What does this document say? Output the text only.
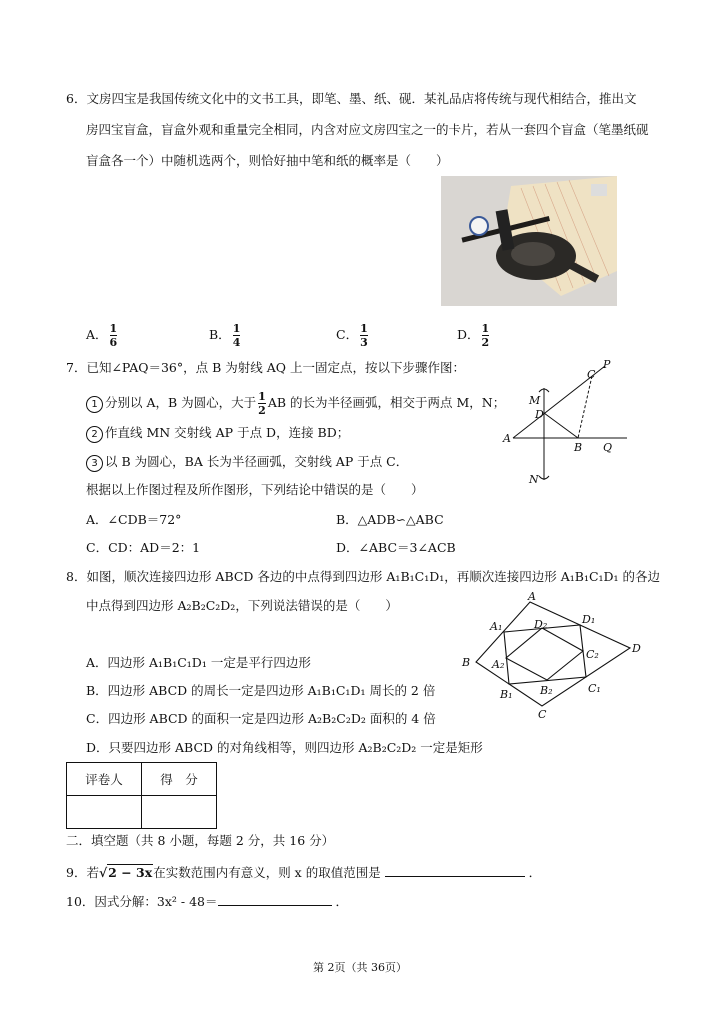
6．文房四宝是我国传统文化中的文书工具，即笔、墨、纸、砚．某礼品店将传统与现代相结合，推出文
房四宝盲盒，盲盒外观和重量完全相同，内含对应文房四宝之一的卡片，若从一套四个盲盒（笔墨纸砚
盲盒各一个）中随机选两个，则恰好抽中笔和纸的概率是（　　）
A． $\frac{1}{6}$	B． $\frac{1}{4}$	C． $\frac{1}{3}$	D． $\frac{1}{2}$
7．已知∠PAQ＝36°，点 B 为射线 AQ 上一固定点，按以下步骤作图：
1 分别以 A，B 为圆心，大于 $\frac{1}{2}$ AB 的长为半径画弧，相交于两点 M，N；
2 作直线 MN 交射线 AP 于点 D，连接 BD；
3 以 B 为圆心，BA 长为半径画弧，交射线 AP 于点 C．
根据以上作图过程及所作图形，下列结论中错误的是（　　）
A．∠CDB＝72°	B．△ADB∽△ABC
C．CD：AD＝2：1	D．∠ABC＝3∠ACB
P
C
M
D
A
B Q
N
8．如图，顺次连接四边形 ABCD 各边的中点得到四边形 A₁B₁C₁D₁，再顺次连接四边形 A₁B₁C₁D₁ 的各边
中点得到四边形 A₂B₂C₂D₂，下列说法错误的是（　　）
A．四边形 A₁B₁C₁D₁ 一定是平行四边形
B．四边形 ABCD 的周长一定是四边形 A₁B₁C₁D₁ 周长的 2 倍
C．四边形 ABCD 的面积一定是四边形 A₂B₂C₂D₂ 面积的 4 倍
D．只要四边形 ABCD 的对角线相等，则四边形 A₂B₂C₂D₂ 一定是矩形
A
B
C
D
A₁
B₁	C₁
D₁
A₂
B₂
C₂
D₂
评卷人	得　分

二．填空题（共 8 小题，每题 2 分，共 16 分）
9．若√2 − 3x在实数范围内有意义，则 x 的取值范围是	．
10．因式分解：3x² - 48＝	．
第 2页（共 36页）
